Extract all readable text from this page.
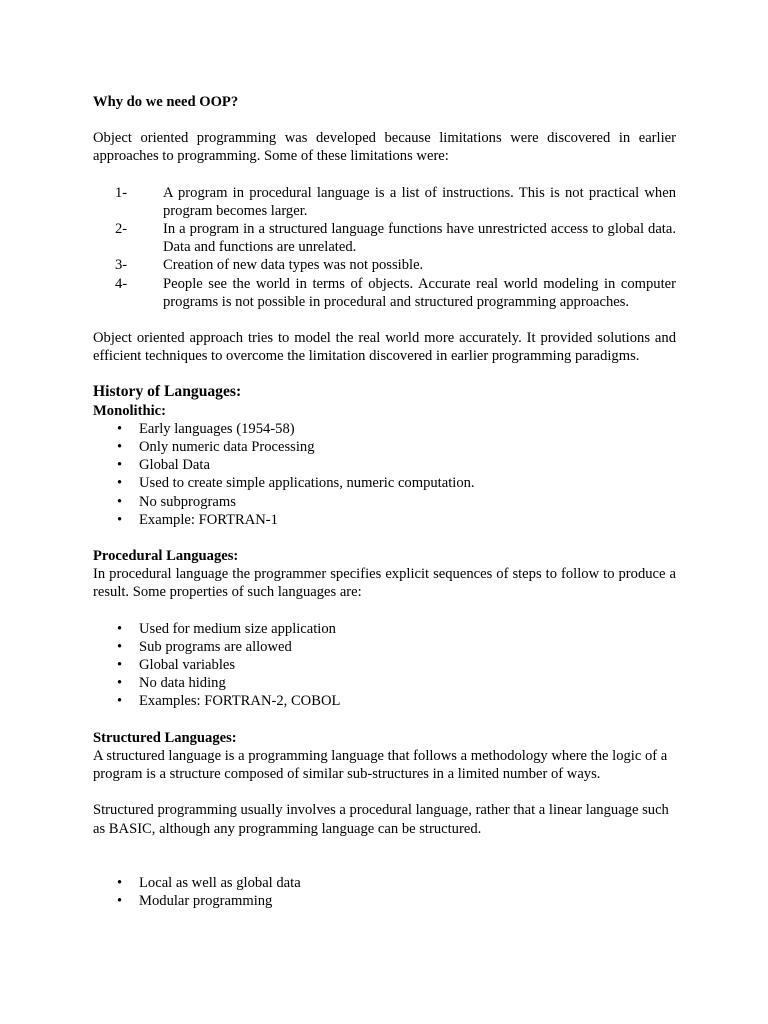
Why do we need OOP?

Object oriented programming was developed because limitations were discovered in earlier approaches to programming. Some of these limitations were:

1-	A program in procedural language is a list of instructions. This is not practical when program becomes larger.
2-	In a program in a structured language functions have unrestricted access to global data. Data and functions are unrelated.
3-	Creation of new data types was not possible.
4-	People see the world in terms of objects. Accurate real world modeling in computer programs is not possible in procedural and structured programming approaches.

Object oriented approach tries to model the real world more accurately. It provided solutions and efficient techniques to overcome the limitation discovered in earlier programming paradigms.

History of Languages:
Monolithic:
•	Early languages (1954-58)
•	Only numeric data Processing
•	Global Data
•	Used to create simple applications, numeric computation.
•	No subprograms
•	Example: FORTRAN-1
Procedural Languages:

In procedural language the programmer specifies explicit sequences of steps to follow to produce a result. Some properties of such languages are:

•	Used for medium size application
•	Sub programs are allowed
•	Global variables
•	No data hiding
•	Examples: FORTRAN-2, COBOL
Structured Languages:

A structured language is a programming language that follows a methodology where the logic of a program is a structure composed of similar sub-structures in a limited number of ways.

Structured programming usually involves a procedural language, rather that a linear language such as BASIC, although any programming language can be structured.

•	Local as well as global data
•	Modular programming
